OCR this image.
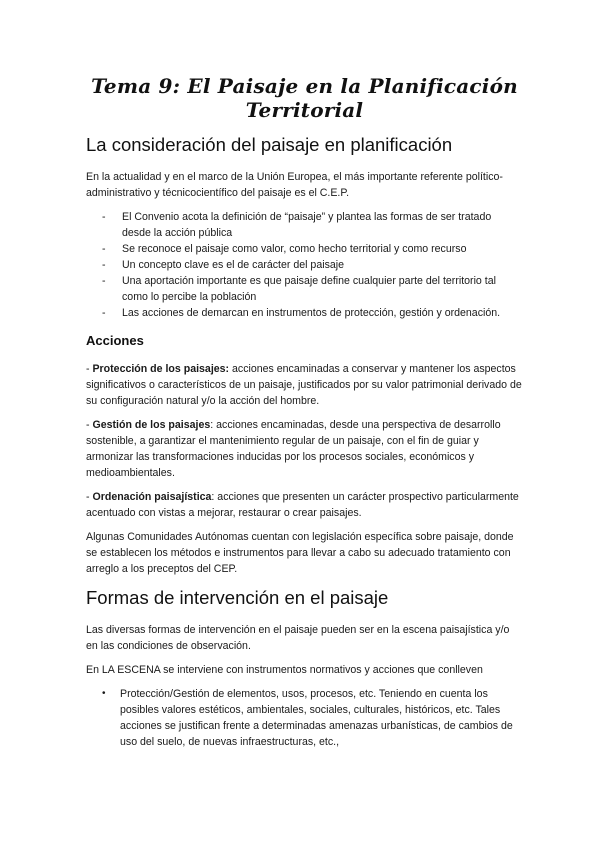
Tema 9: El Paisaje en la Planificación Territorial
La consideración del paisaje en planificación

En la actualidad y en el marco de la Unión Europea, el más importante referente político-administrativo y técnicocientífico del paisaje es el C.E.P.

- El Convenio acota la definición de “paisaje” y plantea las formas de ser tratado desde la acción pública
- Se reconoce el paisaje como valor, como hecho territorial y como recurso
- Un concepto clave es el de carácter del paisaje
- Una aportación importante es que paisaje define cualquier parte del territorio tal como lo percibe la población
- Las acciones de demarcan en instrumentos de protección, gestión y ordenación.
Acciones

- Protección de los paisajes: acciones encaminadas a conservar y mantener los aspectos significativos o característicos de un paisaje, justificados por su valor patrimonial derivado de su configuración natural y/o la acción del hombre.

- Gestión de los paisajes: acciones encaminadas, desde una perspectiva de desarrollo sostenible, a garantizar el mantenimiento regular de un paisaje, con el fin de guiar y armonizar las transformaciones inducidas por los procesos sociales, económicos y medioambientales.

- Ordenación paisajística: acciones que presenten un carácter prospectivo particularmente acentuado con vistas a mejorar, restaurar o crear paisajes.

Algunas Comunidades Autónomas cuentan con legislación específica sobre paisaje, donde se establecen los métodos e instrumentos para llevar a cabo su adecuado tratamiento con arreglo a los preceptos del CEP.

Formas de intervención en el paisaje

Las diversas formas de intervención en el paisaje pueden ser en la escena paisajística y/o en las condiciones de observación.

En LA ESCENA se interviene con instrumentos normativos y acciones que conlleven

• Protección/Gestión de elementos, usos, procesos, etc. Teniendo en cuenta los posibles valores estéticos, ambientales, sociales, culturales, históricos, etc. Tales acciones se justifican frente a determinadas amenazas urbanísticas, de cambios de uso del suelo, de nuevas infraestructuras, etc.,
